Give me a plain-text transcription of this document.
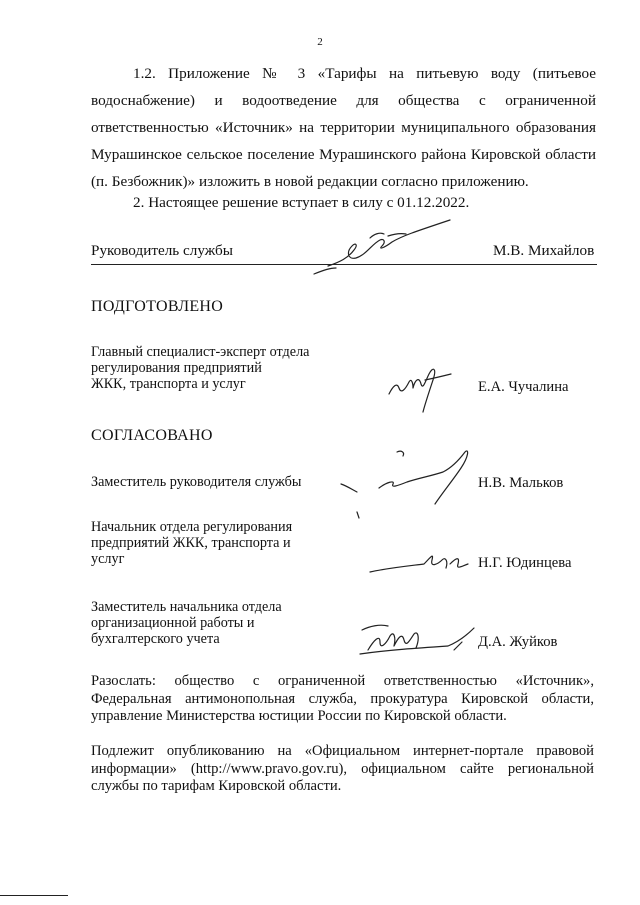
2
1.2. Приложение № 3 «Тарифы на питьевую воду (питьевое
водоснабжение) и водоотведение для общества с ограниченной
ответственностью «Источник» на территории муниципального образования
Мурашинское сельское поселение Мурашинского района Кировской области
(п. Безбожник)» изложить в новой редакции согласно приложению.
2. Настоящее решение вступает в силу с 01.12.2022.
Руководитель службы	М.В. Михайлов
ПОДГОТОВЛЕНО
Главный специалист-эксперт отдела
регулирования предприятий
ЖКК, транспорта и услуг	Е.А. Чучалина
СОГЛАСОВАНО
Заместитель руководителя службы	Н.В. Мальков
Начальник отдела регулирования
предприятий ЖКК, транспорта и
услуг	Н.Г. Юдинцева
Заместитель начальника отдела
организационной работы и
бухгалтерского учета	Д.А. Жуйков
Разослать: общество с ограниченной ответственностью «Источник»,
Федеральная антимонопольная служба, прокуратура Кировской области,
управление Министерства юстиции России по Кировской области.
Подлежит опубликованию на «Официальном интернет-портале правовой
информации» (http://www.pravo.gov.ru), официальном сайте региональной
службы по тарифам Кировской области.
